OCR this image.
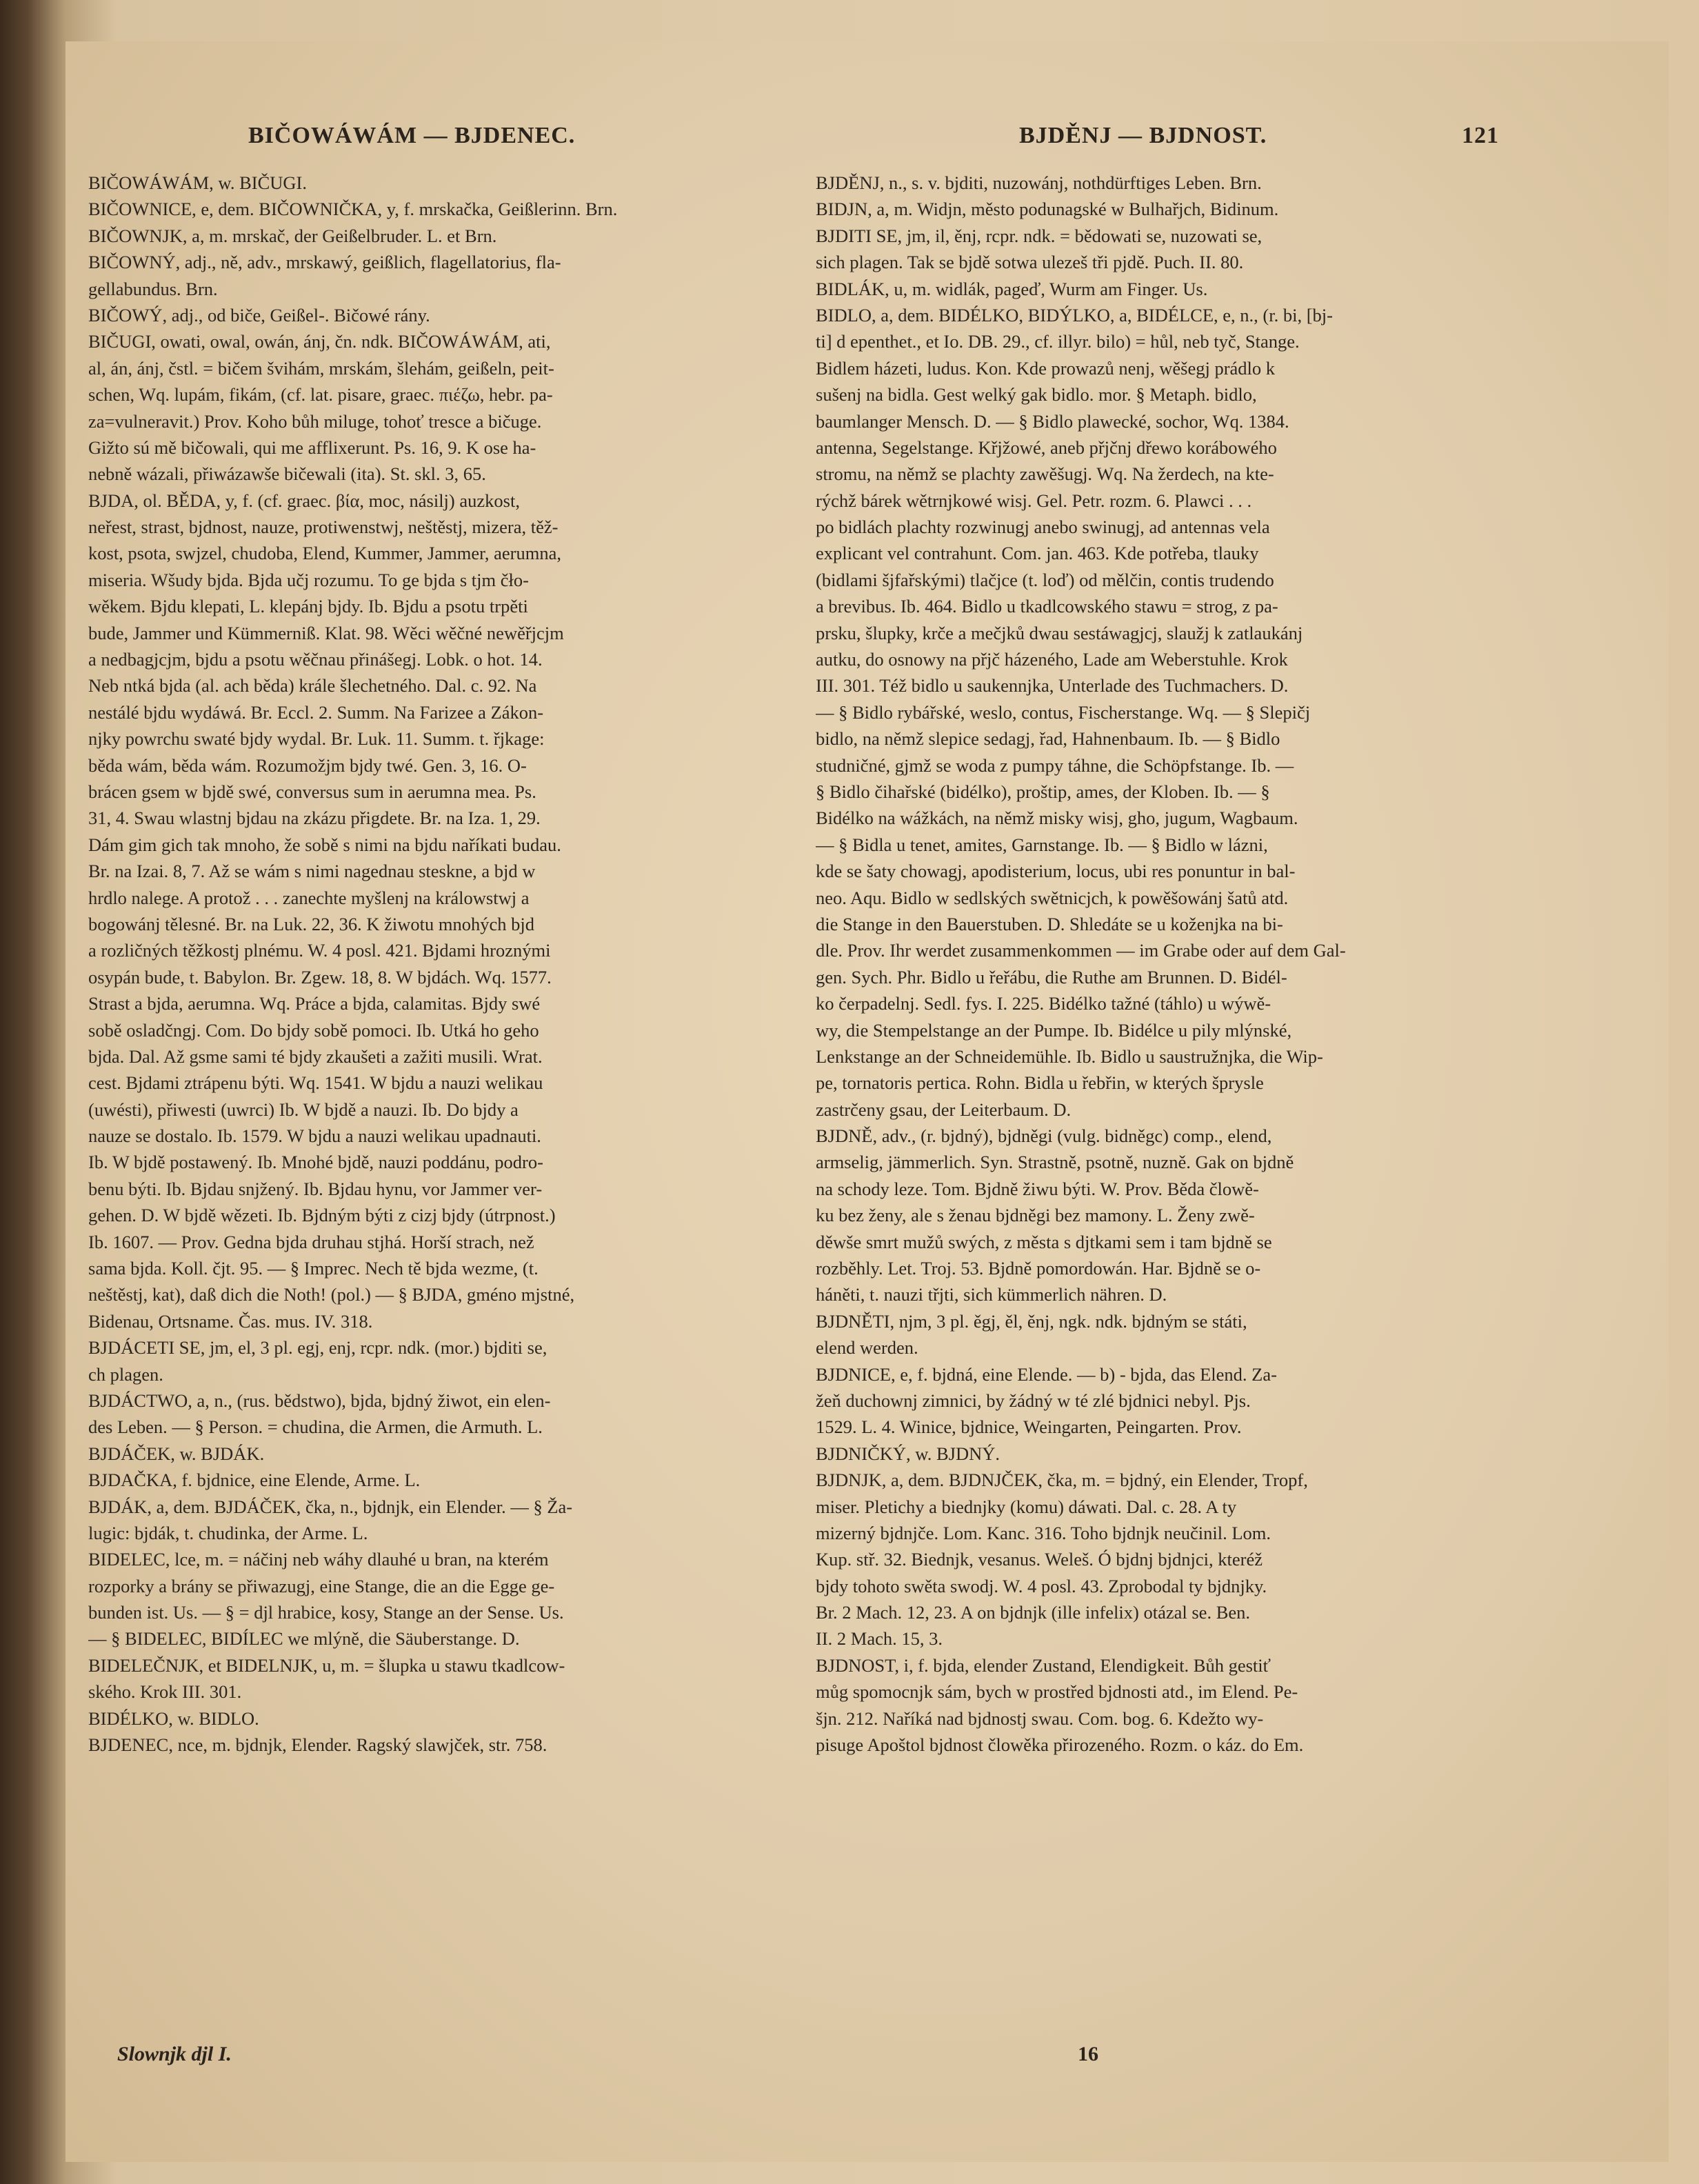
BIČOWÁWÁM — BJDENEC.	BJDĚNJ — BJDNOST.	121
BIČOWÁWÁM, w. BIČUGI.
BIČOWNICE, e, dem. BIČOWNIČKA, y, f. mrskačka, Geißlerinn. Brn.
BIČOWNJK, a, m. mrskač, der Geißelbruder. L. et Brn.
BIČOWNÝ, adj., ně, adv., mrskawý, geißlich, flagellatorius, fla-
gellabundus. Brn.
BIČOWÝ, adj., od biče, Geißel-. Bičowé rány.
BIČUGI, owati, owal, owán, ánj, čn. ndk. BIČOWÁWÁM, ati,
al, án, ánj, čstl. = bičem švihám, mrskám, šlehám, geißeln, peit-
schen, Wq. lupám, fikám, (cf. lat. pisare, graec. πιέζω, hebr. pa-
za=vulneravit.) Prov. Koho bůh miluge, tohoť tresce a bičuge.
Gižto sú mě bičowali, qui me afflixerunt. Ps. 16, 9. K ose ha-
nebně wázali, přiwázawše bičewali (ita). St. skl. 3, 65.
BJDA, ol. BĚDA, y, f. (cf. graec. βία, moc, násilj) auzkost,
neřest, strast, bjdnost, nauze, protiwenstwj, neštěstj, mizera, těž-
kost, psota, swjzel, chudoba, Elend, Kummer, Jammer, aerumna,
miseria. Wšudy bjda. Bjda učj rozumu. To ge bjda s tjm čło-
wěkem. Bjdu klepati, L. klepánj bjdy. Ib. Bjdu a psotu trpěti
bude, Jammer und Kümmerniß. Klat. 98. Wěci wěčné newěřjcjm
a nedbagjcjm, bjdu a psotu wěčnau přinášegj. Lobk. o hot. 14.
Neb ntká bjda (al. ach běda) krále šlechetného. Dal. c. 92. Na
nestálé bjdu wydáwá. Br. Eccl. 2. Summ. Na Farizee a Zákon-
njky powrchu swaté bjdy wydal. Br. Luk. 11. Summ. t. řjkage:
běda wám, běda wám. Rozumožjm bjdy twé. Gen. 3, 16. O-
brácen gsem w bjdě swé, conversus sum in aerumna mea. Ps.
31, 4. Swau wlastnj bjdau na zkázu přigdete. Br. na Iza. 1, 29.
Dám gim gich tak mnoho, že sobě s nimi na bjdu naříkati budau.
Br. na Izai. 8, 7. Až se wám s nimi nagednau steskne, a bjd w
hrdlo nalege. A protož . . . zanechte myšlenj na králowstwj a
bogowánj tělesné. Br. na Luk. 22, 36. K žiwotu mnohých bjd
a rozličných těžkostj plnému. W. 4 posl. 421. Bjdami hroznými
osypán bude, t. Babylon. Br. Zgew. 18, 8. W bjdách. Wq. 1577.
Strast a bjda, aerumna. Wq. Práce a bjda, calamitas. Bjdy swé
sobě osladčngj. Com. Do bjdy sobě pomoci. Ib. Utká ho geho
bjda. Dal. Až gsme sami té bjdy zkaušeti a zažiti musili. Wrat.
cest. Bjdami ztrápenu býti. Wq. 1541. W bjdu a nauzi welikau
(uwésti), přiwesti (uwrci) Ib. W bjdě a nauzi. Ib. Do bjdy a
nauze se dostalo. Ib. 1579. W bjdu a nauzi welikau upadnauti.
Ib. W bjdě postawený. Ib. Mnohé bjdě, nauzi poddánu, podro-
benu býti. Ib. Bjdau snjžený. Ib. Bjdau hynu, vor Jammer ver-
gehen. D. W bjdě wězeti. Ib. Bjdným býti z cizj bjdy (útrpnost.)
Ib. 1607. — Prov. Gedna bjda druhau stjhá. Horší strach, než
sama bjda. Koll. čjt. 95. — § Imprec. Nech tě bjda wezme, (t.
neštěstj, kat), daß dich die Noth! (pol.) — § BJDA, gméno mjstné,
Bidenau, Ortsname. Čas. mus. IV. 318.
BJDÁCETI SE, jm, el, 3 pl. egj, enj, rcpr. ndk. (mor.) bjditi se,
ch plagen.
BJDÁCTWO, a, n., (rus. bědstwo), bjda, bjdný žiwot, ein elen-
des Leben. — § Person. = chudina, die Armen, die Armuth. L.
BJDÁČEK, w. BJDÁK.
BJDAČKA, f. bjdnice, eine Elende, Arme. L.
BJDÁK, a, dem. BJDÁČEK, čka, n., bjdnjk, ein Elender. — § Ža-
lugic: bjdák, t. chudinka, der Arme. L.
BIDELEC, lce, m. = náčinj neb wáhy dlauhé u bran, na kterém
rozporky a brány se přiwazugj, eine Stange, die an die Egge ge-
bunden ist. Us. — § = djl hrabice, kosy, Stange an der Sense. Us.
— § BIDELEC, BIDÍLEC we mlýně, die Säuberstange. D.
BIDELEČNJK, et BIDELNJK, u, m. = šlupka u stawu tkadlcow-
ského. Krok III. 301.
BIDÉLKO, w. BIDLO.
BJDENEC, nce, m. bjdnjk, Elender. Ragský slawjček, str. 758.
BJDĚNJ, n., s. v. bjditi, nuzowánj, nothdürftiges Leben. Brn.
BIDJN, a, m. Widjn, město podunagské w Bulhařjch, Bidinum.
BJDITI SE, jm, il, ěnj, rcpr. ndk. = bědowati se, nuzowati se,
sich plagen. Tak se bjdě sotwa ulezeš tři pjdě. Puch. II. 80.
BIDLÁK, u, m. widlák, pageď, Wurm am Finger. Us.
BIDLO, a, dem. BIDÉLKO, BIDÝLKO, a, BIDÉLCE, e, n., (r. bi, [bj-
ti] d epenthet., et Io. DB. 29., cf. illyr. bilo) = hůl, neb tyč, Stange.
Bidlem házeti, ludus. Kon. Kde prowazů nenj, wěšegj prádlo k
sušenj na bidla. Gest welký gak bidlo. mor. § Metaph. bidlo,
baumlanger Mensch. D. — § Bidlo plawecké, sochor, Wq. 1384.
antenna, Segelstange. Křjžowé, aneb přjčnj dřewo korábowého
stromu, na němž se plachty zawěšugj. Wq. Na žerdech, na kte-
rýchž bárek wětrnjkowé wisj. Gel. Petr. rozm. 6. Plawci . . .
po bidlách plachty rozwinugj anebo swinugj, ad antennas vela
explicant vel contrahunt. Com. jan. 463. Kde potřeba, tlauky
(bidlami šjfařskými) tlačjce (t. loď) od mělčin, contis trudendo
a brevibus. Ib. 464. Bidlo u tkadlcowského stawu = strog, z pa-
prsku, šlupky, krče a mečjků dwau sestáwagjcj, slaužj k zatlaukánj
autku, do osnowy na přjč házeného, Lade am Weberstuhle. Krok
III. 301. Též bidlo u saukennjka, Unterlade des Tuchmachers. D.
— § Bidlo rybářské, weslo, contus, Fischerstange. Wq. — § Slepičj
bidlo, na němž slepice sedagj, řad, Hahnenbaum. Ib. — § Bidlo
studničné, gjmž se woda z pumpy táhne, die Schöpfstange. Ib. —
§ Bidlo čihařské (bidélko), proštip, ames, der Kloben. Ib. — §
Bidélko na wážkách, na němž misky wisj, gho, jugum, Wagbaum.
— § Bidla u tenet, amites, Garnstange. Ib. — § Bidlo w lázni,
kde se šaty chowagj, apodisterium, locus, ubi res ponuntur in bal-
neo. Aqu. Bidlo w sedlských swětnicjch, k powěšowánj šatů atd.
die Stange in den Bauerstuben. D. Shledáte se u koženjka na bi-
dle. Prov. Ihr werdet zusammenkommen — im Grabe oder auf dem Gal-
gen. Sych. Phr. Bidlo u řeřábu, die Ruthe am Brunnen. D. Bidél-
ko čerpadelnj. Sedl. fys. I. 225. Bidélko tažné (táhlo) u wýwě-
wy, die Stempelstange an der Pumpe. Ib. Bidélce u pily mlýnské,
Lenkstange an der Schneidemühle. Ib. Bidlo u saustružnjka, die Wip-
pe, tornatoris pertica. Rohn. Bidla u řebřin, w kterých šprysle
zastrčeny gsau, der Leiterbaum. D.
BJDNĚ, adv., (r. bjdný), bjdněgi (vulg. bidněgc) comp., elend,
armselig, jämmerlich. Syn. Strastně, psotně, nuzně. Gak on bjdně
na schody leze. Tom. Bjdně žiwu býti. W. Prov. Běda člowě-
ku bez ženy, ale s ženau bjdněgi bez mamony. L. Ženy zwě-
děwše smrt mužů swých, z města s djtkami sem i tam bjdně se
rozběhly. Let. Troj. 53. Bjdně pomordowán. Har. Bjdně se o-
háněti, t. nauzi třjti, sich kümmerlich nähren. D.
BJDNĚTI, njm, 3 pl. ěgj, ěl, ěnj, ngk. ndk. bjdným se státi,
elend werden.
BJDNICE, e, f. bjdná, eine Elende. — b) - bjda, das Elend. Za-
žeň duchownj zimnici, by žádný w té zlé bjdnici nebyl. Pjs.
1529. L. 4. Winice, bjdnice, Weingarten, Peingarten. Prov.
BJDNIČKÝ, w. BJDNÝ.
BJDNJK, a, dem. BJDNJČEK, čka, m. = bjdný, ein Elender, Tropf,
miser. Pletichy a biednjky (komu) dáwati. Dal. c. 28. A ty
mizerný bjdnjče. Lom. Kanc. 316. Toho bjdnjk neučinil. Lom.
Kup. stř. 32. Biednjk, vesanus. Weleš. Ó bjdnj bjdnjci, kteréž
bjdy tohoto swěta swodj. W. 4 posl. 43. Zprobodal ty bjdnjky.
Br. 2 Mach. 12, 23. A on bjdnjk (ille infelix) otázal se. Ben.
II. 2 Mach. 15, 3.
BJDNOST, i, f. bjda, elender Zustand, Elendigkeit. Bůh gestiť
můg spomocnjk sám, bych w prostřed bjdnosti atd., im Elend. Pe-
šjn. 212. Naříká nad bjdnostj swau. Com. bog. 6. Kdežto wy-
pisuge Apoštol bjdnost člowěka přirozeného. Rozm. o káz. do Em.
Slownjk djl I.	16
